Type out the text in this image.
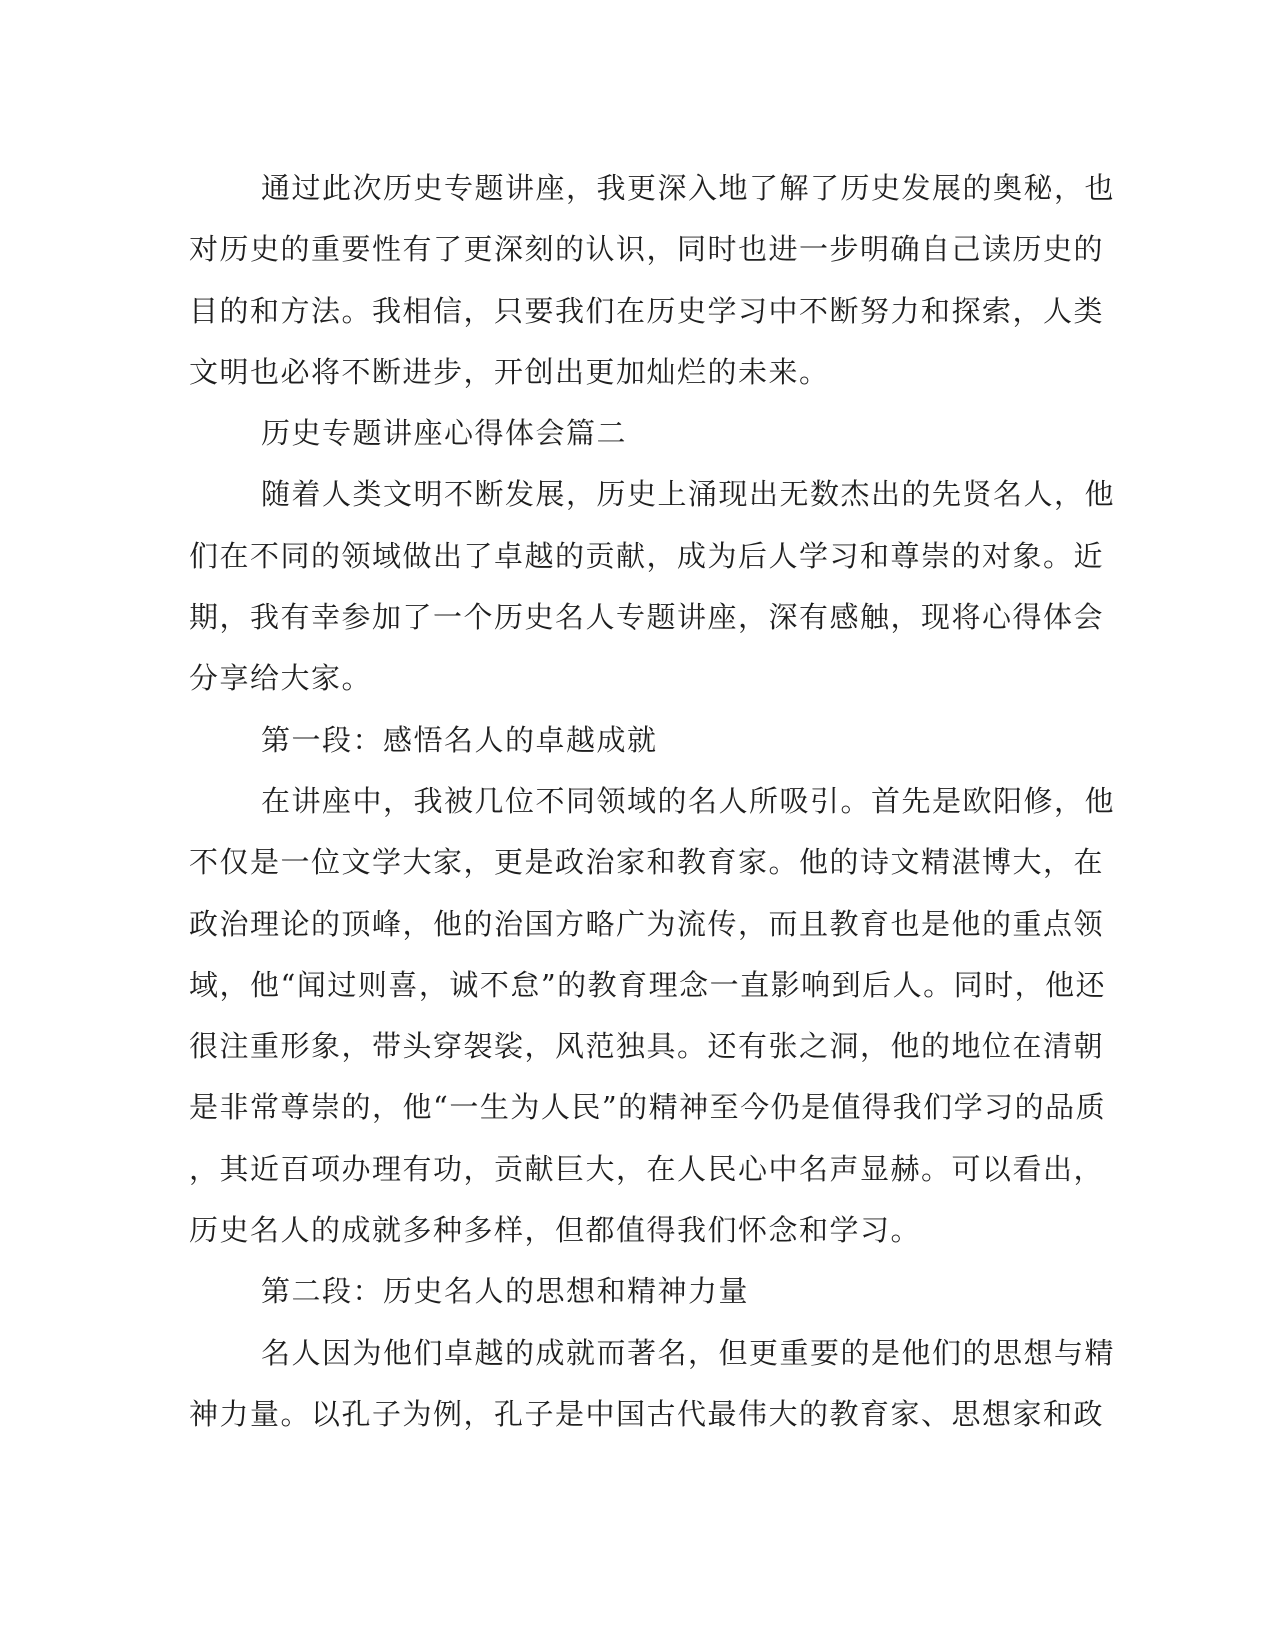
通过此次历史专题讲座，我更深入地了解了历史发展的奥秘，也
对历史的重要性有了更深刻的认识，同时也进一步明确自己读历史的
目的和方法。我相信，只要我们在历史学习中不断努力和探索，人类
文明也必将不断进步，开创出更加灿烂的未来。
历史专题讲座心得体会篇二
随着人类文明不断发展，历史上涌现出无数杰出的先贤名人，他
们在不同的领域做出了卓越的贡献，成为后人学习和尊崇的对象。近
期，我有幸参加了一个历史名人专题讲座，深有感触，现将心得体会
分享给大家。
第一段：感悟名人的卓越成就
在讲座中，我被几位不同领域的名人所吸引。首先是欧阳修，他
不仅是一位文学大家，更是政治家和教育家。他的诗文精湛博大，在
政治理论的顶峰，他的治国方略广为流传，而且教育也是他的重点领
域，他“闻过则喜，诚不怠”的教育理念一直影响到后人。同时，他还
很注重形象，带头穿袈裟，风范独具。还有张之洞，他的地位在清朝
是非常尊崇的，他“一生为人民”的精神至今仍是值得我们学习的品质
，其近百项办理有功，贡献巨大，在人民心中名声显赫。可以看出，
历史名人的成就多种多样，但都值得我们怀念和学习。
第二段：历史名人的思想和精神力量
名人因为他们卓越的成就而著名，但更重要的是他们的思想与精
神力量。以孔子为例，孔子是中国古代最伟大的教育家、思想家和政
